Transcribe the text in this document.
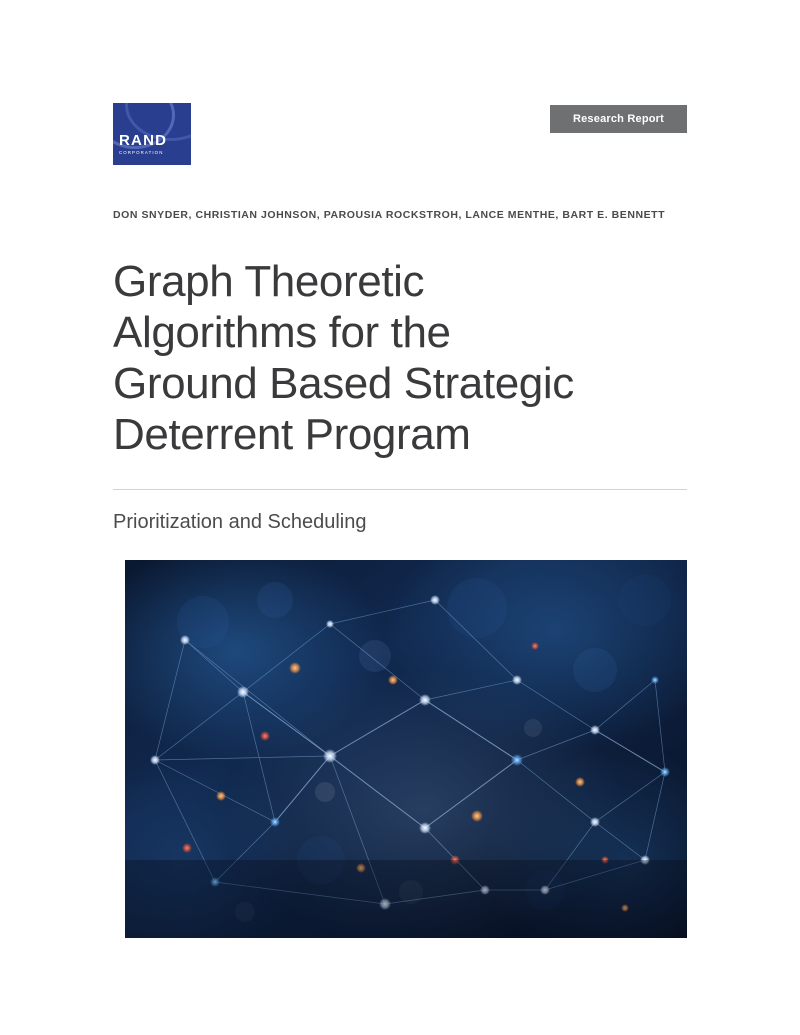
RAND
CORPORATION
Research Report
DON SNYDER, CHRISTIAN JOHNSON, PAROUSIA ROCKSTROH, LANCE MENTHE, BART E. BENNETT
Graph Theoretic
Algorithms for the
Ground Based Strategic
Deterrent Program
Prioritization and Scheduling
